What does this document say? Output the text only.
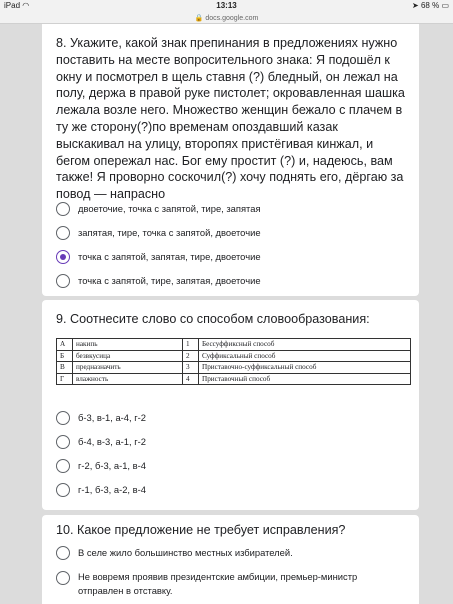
iPad ◠	13:13	➤ 68 % ▭
🔒 docs.google.com
8. Укажите, какой знак препинания в предложениях нужно поставить на месте вопросительного знака: Я подошёл к окну и посмотрел в щель ставня (?) бледный, он лежал на полу, держа в правой руке пистолет; окровавленная шашка лежала возле него. Множество женщин бежало с плачем в ту же сторону(?)по временам опоздавший казак выскакивал на улицу, второпях пристёгивая кинжал, и бегом опережал нас. Бог ему простит (?) и, надеюсь, вам также! Я проворно соскочил(?) хочу поднять его, дёргаю за повод — напрасно
двоеточие, точка с запятой, тире, запятая
запятая, тире, точка с запятой, двоеточие
точка с запятой, запятая, тире, двоеточие
точка с запятой, тире, запятая, двоеточие
9. Соотнесите слово со способом словообразования:
А	накипь	1	Бессуффиксный способ
Б	безвкусица	2	Суффиксальный способ
В	предназначить	3	Приставочно-суффиксальный способ
Г	влажность	4	Приставочный способ
б-3, в-1, а-4, г-2
б-4, в-3, а-1, г-2
г-2, б-3, а-1, в-4
г-1, б-3, а-2, в-4
10. Какое предложение не требует исправления?
В селе жило большинство местных избирателей.
Не вовремя проявив президентские амбиции, премьер-министр отправлен в отставку.
